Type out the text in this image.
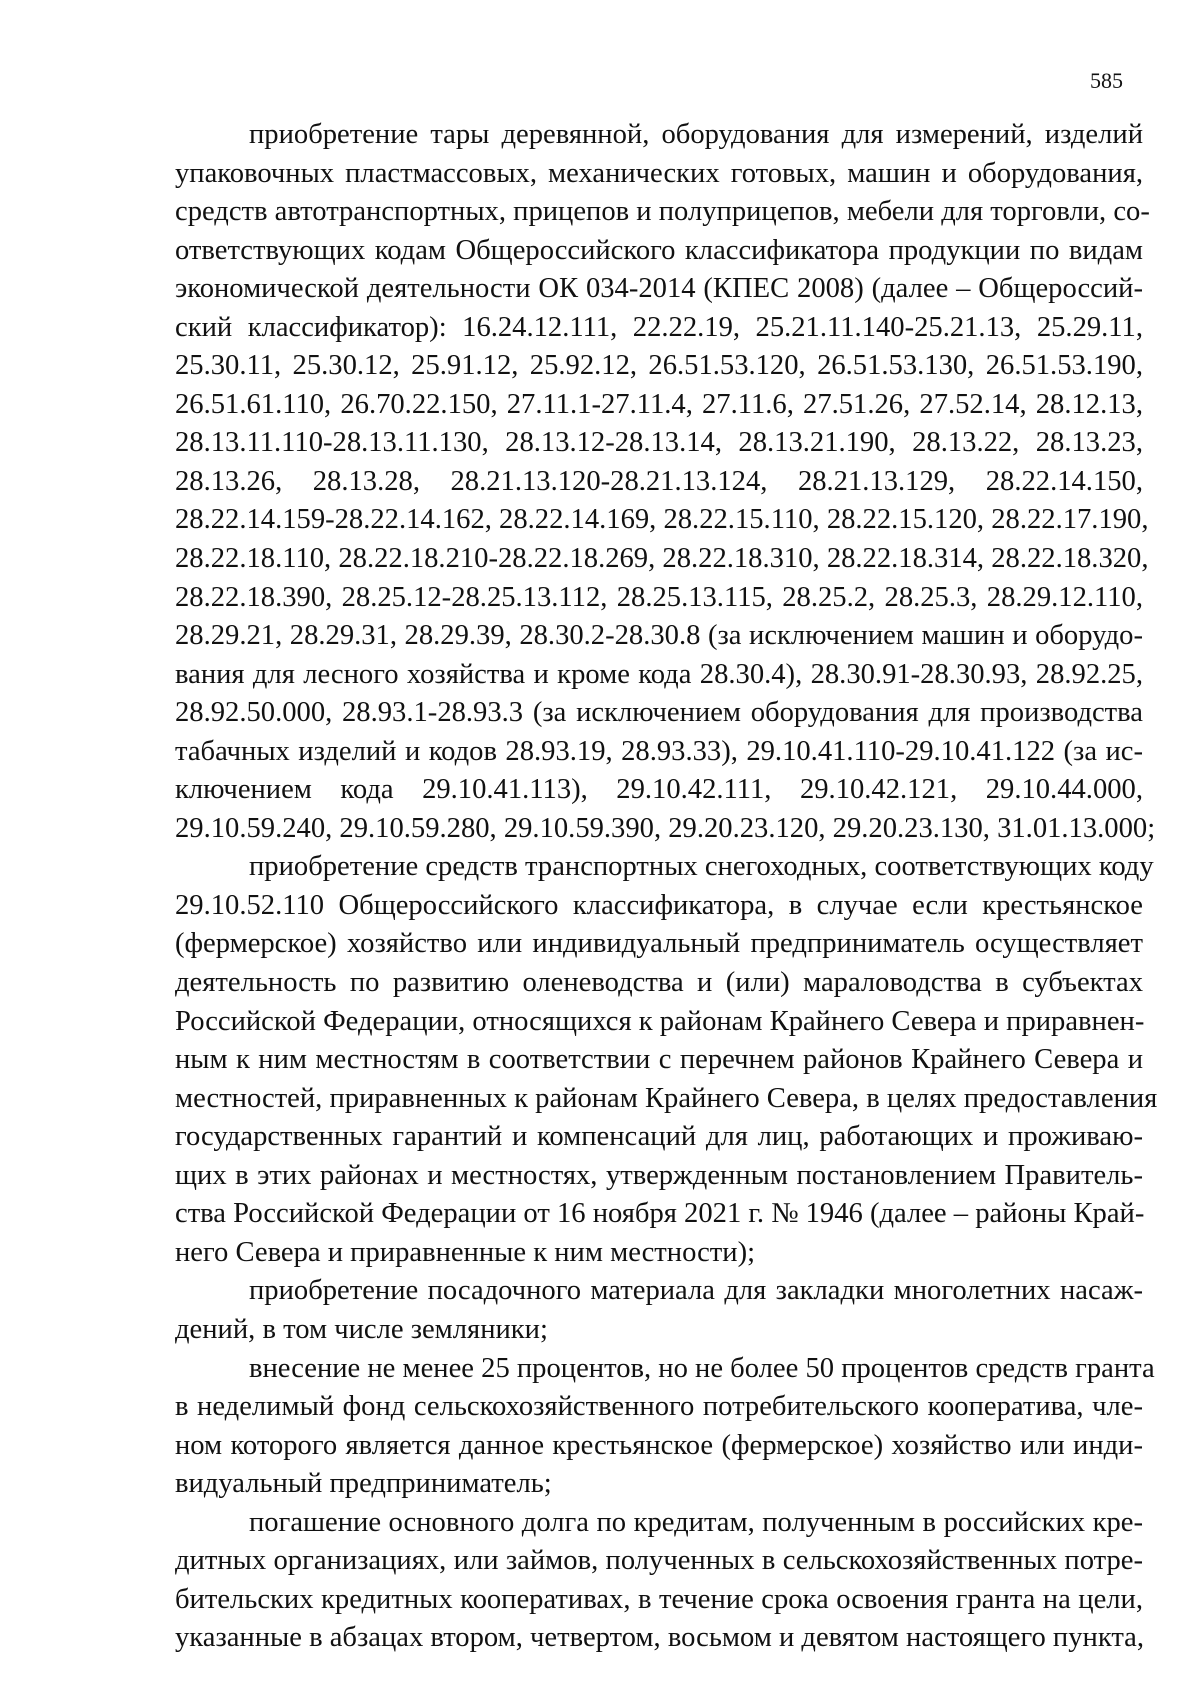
585
приобретение тары деревянной, оборудования для измерений, изделий
упаковочных пластмассовых, механических готовых, машин и оборудования,
средств автотранспортных, прицепов и полуприцепов, мебели для торговли, со-
ответствующих кодам Общероссийского классификатора продукции по видам
экономической деятельности ОК 034-2014 (КПЕС 2008) (далее – Общероссий-
ский классификатор): 16.24.12.111, 22.22.19, 25.21.11.140-25.21.13, 25.29.11,
25.30.11, 25.30.12, 25.91.12, 25.92.12, 26.51.53.120, 26.51.53.130, 26.51.53.190,
26.51.61.110, 26.70.22.150, 27.11.1-27.11.4, 27.11.6, 27.51.26, 27.52.14, 28.12.13,
28.13.11.110-28.13.11.130, 28.13.12-28.13.14, 28.13.21.190, 28.13.22, 28.13.23,
28.13.26, 28.13.28, 28.21.13.120-28.21.13.124, 28.21.13.129, 28.22.14.150,
28.22.14.159-28.22.14.162, 28.22.14.169, 28.22.15.110, 28.22.15.120, 28.22.17.190,
28.22.18.110, 28.22.18.210-28.22.18.269, 28.22.18.310, 28.22.18.314, 28.22.18.320,
28.22.18.390, 28.25.12-28.25.13.112, 28.25.13.115, 28.25.2, 28.25.3, 28.29.12.110,
28.29.21, 28.29.31, 28.29.39, 28.30.2-28.30.8 (за исключением машин и оборудо-
вания для лесного хозяйства и кроме кода 28.30.4), 28.30.91-28.30.93, 28.92.25,
28.92.50.000, 28.93.1-28.93.3 (за исключением оборудования для производства
табачных изделий и кодов 28.93.19, 28.93.33), 29.10.41.110-29.10.41.122 (за ис-
ключением кода 29.10.41.113), 29.10.42.111, 29.10.42.121, 29.10.44.000,
29.10.59.240, 29.10.59.280, 29.10.59.390, 29.20.23.120, 29.20.23.130, 31.01.13.000;
приобретение средств транспортных снегоходных, соответствующих коду
29.10.52.110 Общероссийского классификатора, в случае если крестьянское
(фермерское) хозяйство или индивидуальный предприниматель осуществляет
деятельность по развитию оленеводства и (или) мараловодства в субъектах
Российской Федерации, относящихся к районам Крайнего Севера и приравнен-
ным к ним местностям в соответствии с перечнем районов Крайнего Севера и
местностей, приравненных к районам Крайнего Севера, в целях предоставления
государственных гарантий и компенсаций для лиц, работающих и проживаю-
щих в этих районах и местностях, утвержденным постановлением Правитель-
ства Российской Федерации от 16 ноября 2021 г. № 1946 (далее – районы Край-
него Севера и приравненные к ним местности);
приобретение посадочного материала для закладки многолетних насаж-
дений, в том числе земляники;
внесение не менее 25 процентов, но не более 50 процентов средств гранта
в неделимый фонд сельскохозяйственного потребительского кооператива, чле-
ном которого является данное крестьянское (фермерское) хозяйство или инди-
видуальный предприниматель;
погашение основного долга по кредитам, полученным в российских кре-
дитных организациях, или займов, полученных в сельскохозяйственных потре-
бительских кредитных кооперативах, в течение срока освоения гранта на цели,
указанные в абзацах втором, четвертом, восьмом и девятом настоящего пункта,
